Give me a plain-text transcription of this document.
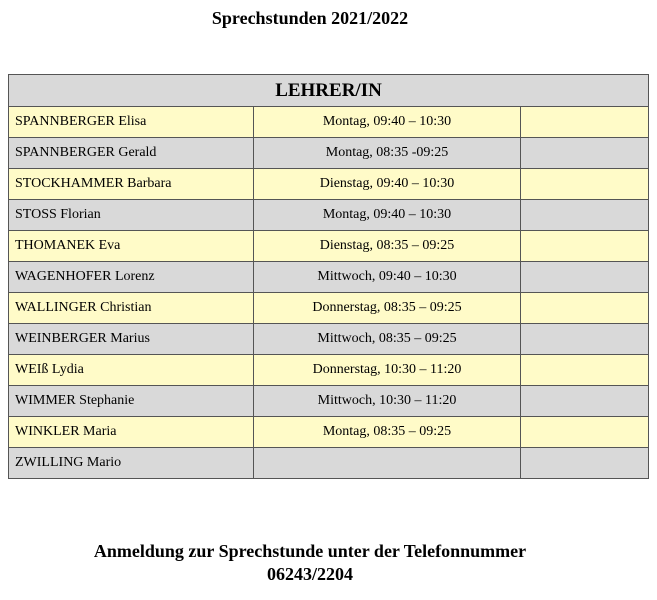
Sprechstunden 2021/2022
LEHRER/IN		
SPANNBERGER Elisa	Montag, 09:40 – 10:30	
SPANNBERGER Gerald	Montag, 08:35 -09:25	
STOCKHAMMER Barbara	Dienstag, 09:40 – 10:30	
STOSS Florian	Montag, 09:40 – 10:30	
THOMANEK Eva	Dienstag, 08:35 – 09:25	
WAGENHOFER Lorenz	Mittwoch, 09:40 – 10:30	
WALLINGER Christian	Donnerstag, 08:35 – 09:25	
WEINBERGER Marius	Mittwoch, 08:35 – 09:25	
WEIß Lydia	Donnerstag, 10:30 – 11:20	
WIMMER Stephanie	Mittwoch, 10:30 – 11:20	
WINKLER Maria	Montag, 08:35 – 09:25	
ZWILLING Mario		
Anmeldung zur Sprechstunde unter der Telefonnummer
06243/2204
